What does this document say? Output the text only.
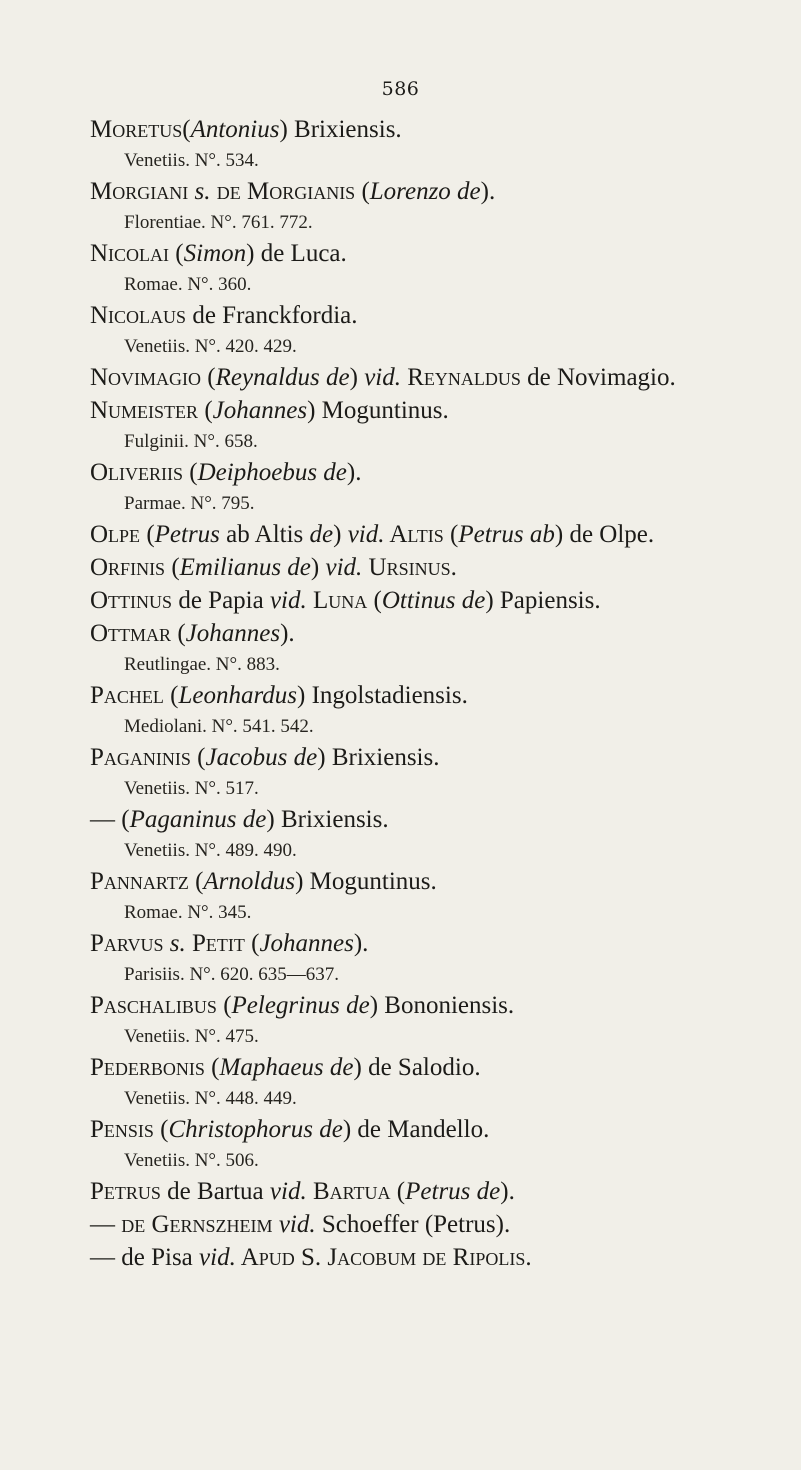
586
Moretus(Antonius) Brixiensis.
Venetiis. N°. 534.
Morgiani s. de Morgianis (Lorenzo de).
Florentiae. N°. 761. 772.
Nicolai (Simon) de Luca.
Romae. N°. 360.
Nicolaus de Franckfordia.
Venetiis. N°. 420. 429.
Novimagio (Reynaldus de) vid. Reynaldus de Novimagio.
Numeister (Johannes) Moguntinus.
Fulginii. N°. 658.
Oliveriis (Deiphoebus de).
Parmae. N°. 795.
Olpe (Petrus ab Altis de) vid. Altis (Petrus ab) de Olpe.
Orfinis (Emilianus de) vid. Ursinus.
Ottinus de Papia vid. Luna (Ottinus de) Papiensis.
Ottmar (Johannes).
Reutlingae. N°. 883.
Pachel (Leonhardus) Ingolstadiensis.
Mediolani. N°. 541. 542.
Paganinis (Jacobus de) Brixiensis.
Venetiis. N°. 517.
— (Paganinus de) Brixiensis.
Venetiis. N°. 489. 490.
Pannartz (Arnoldus) Moguntinus.
Romae. N°. 345.
Parvus s. Petit (Johannes).
Parisiis. N°. 620. 635—637.
Paschalibus (Pelegrinus de) Bononiensis.
Venetiis. N°. 475.
Pederbonis (Maphaeus de) de Salodio.
Venetiis. N°. 448. 449.
Pensis (Christophorus de) de Mandello.
Venetiis. N°. 506.
Petrus de Bartua vid. Bartua (Petrus de).
— de Gernszheim vid. Schoeffer (Petrus).
— de Pisa vid. Apud S. Jacobum de Ripolis.
